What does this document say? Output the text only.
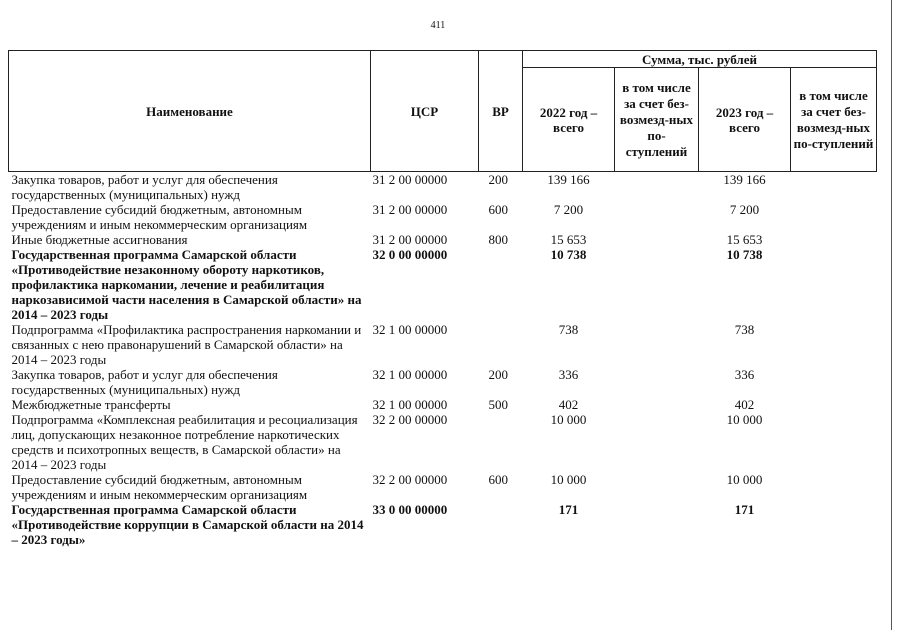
411
Наименование	ЦСР	ВР	Сумма, тыс. рублей			
			2022 год – всего	в том числе за счет без-возмезд-ных по-ступлений	2023 год – всего	в том числе за счет без-возмезд-ных по-ступлений
Закупка товаров, работ и услуг для обеспечения государственных (муниципальных) нужд	31 2 00 00000	200	139 166		139 166	
Предоставление субсидий бюджетным, автономным учреждениям и иным некоммерческим организациям	31 2 00 00000	600	7 200		7 200	
Иные бюджетные ассигнования	31 2 00 00000	800	15 653		15 653	
Государственная программа Самарской области «Противодействие незаконному обороту наркотиков, профилактика наркомании, лечение и реабилитация наркозависимой части населения в Самарской области» на 2014 – 2023 годы	32 0 00 00000		10 738		10 738	
Подпрограмма «Профилактика распространения наркомании и связанных с нею правонарушений в Самарской области» на 2014 – 2023 годы	32 1 00 00000		738		738	
Закупка товаров, работ и услуг для обеспечения государственных (муниципальных) нужд	32 1 00 00000	200	336		336	
Межбюджетные трансферты	32 1 00 00000	500	402		402	
Подпрограмма «Комплексная реабилитация и ресоциализация лиц, допускающих незаконное потребление наркотических средств и психотропных веществ, в Самарской области» на 2014 – 2023 годы	32 2 00 00000		10 000		10 000	
Предоставление субсидий бюджетным, автономным учреждениям и иным некоммерческим организациям	32 2 00 00000	600	10 000		10 000	
Государственная программа Самарской области «Противодействие коррупции в Самарской области на 2014 – 2023 годы»	33 0 00 00000		171		171	
